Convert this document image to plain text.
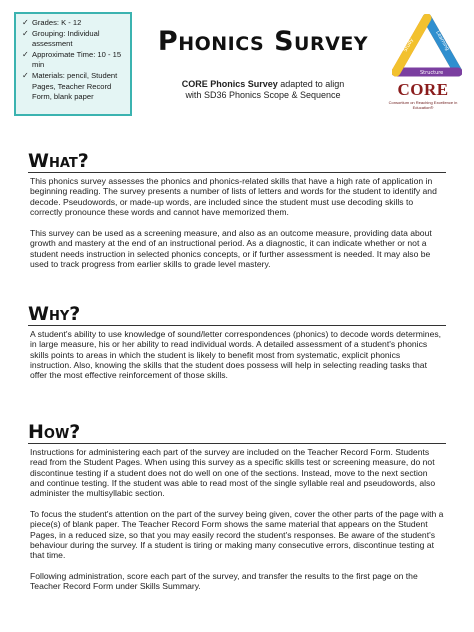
✓ Grades: K - 12
✓ Grouping: Individual assessment
✓ Approximate Time: 10 - 15 min
✓ Materials: pencil, Student Pages, Teacher Record Form, blank paper
Phonics Survey
CORE Phonics Survey adapted to align
with SD36 Phonics Scope & Sequence
Study	Learning
Structure
CORE
Consortium on Reaching Excellence in Education®
What?

This phonics survey assesses the phonics and phonics-related skills that have a high rate of application in beginning reading. The survey presents a number of lists of letters and words for the student to identify and decode. Pseudowords, or made-up words, are included since the student must use decoding skills to correctly pronounce these words and cannot have memorized them.

This survey can be used as a screening measure, and also as an outcome measure, providing data about growth and mastery at the end of an instructional period. As a diagnostic, it can indicate whether or not a student needs instruction in selected phonics concepts, or if further assessment is needed. It may also be used to track progress from earlier skills to grade level mastery.

Why?

A student's ability to use knowledge of sound/letter correspondences (phonics) to decode words determines, in large measure, his or her ability to read individual words. A detailed assessment of a student's phonics skills points to areas in which the student is likely to benefit most from systematic, explicit phonics instruction. Also, knowing the skills that the student does possess will help in selecting reading tasks that offer the most effective reinforcement of those skills.

How?

Instructions for administering each part of the survey are included on the Teacher Record Form. Students read from the Student Pages. When using this survey as a specific skills test or screening measure, do not discontinue testing if a student does not do well on one of the sections. Instead, move to the next section and continue testing. If the student was able to read most of the single syllable real and pseudowords, also administer the multisyllabic section.

To focus the student's attention on the part of the survey being given, cover the other parts of the page with a piece(s) of blank paper. The Teacher Record Form shows the same material that appears on the Student Pages, in a reduced size, so that you may easily record the student's responses. Be aware of the student's behaviour during the survey. If a student is tiring or making many consecutive errors, discontinue testing at that time.

Following administration, score each part of the survey, and transfer the results to the first page on the Teacher Record Form under Skills Summary.
